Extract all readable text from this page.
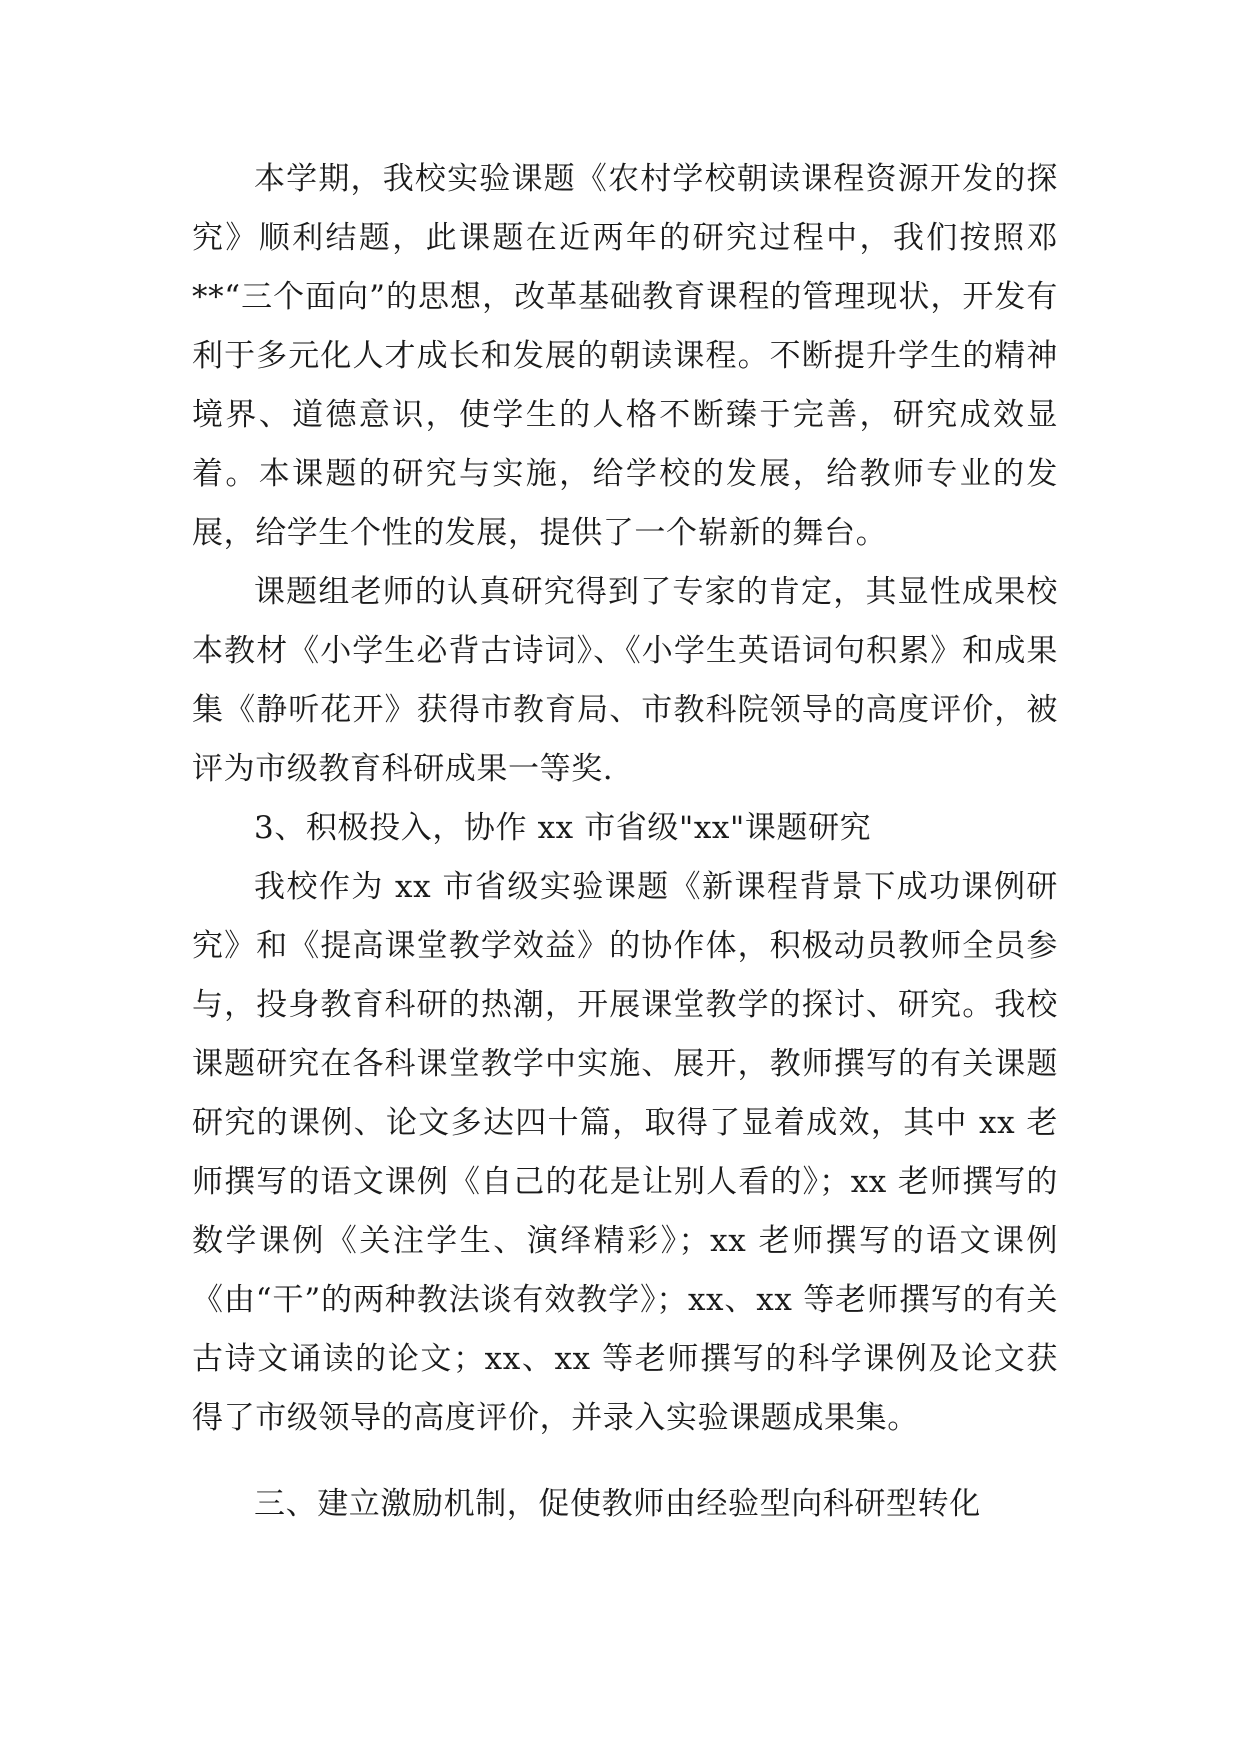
本学期，我校实验课题《农村学校朝读课程资源开发的探究》顺利结题，此课题在近两年的研究过程中，我们按照邓**“三个面向”的思想，改革基础教育课程的管理现状，开发有利于多元化人才成长和发展的朝读课程。不断提升学生的精神境界、道德意识，使学生的人格不断臻于完善，研究成效显着。本课题的研究与实施，给学校的发展，给教师专业的发展，给学生个性的发展，提供了一个崭新的舞台。

课题组老师的认真研究得到了专家的肯定，其显性成果校本教材《小学生必背古诗词》、《小学生英语词句积累》和成果集《静听花开》获得市教育局、市教科院领导的高度评价，被评为市级教育科研成果一等奖.

3、积极投入，协作 xx 市省级"xx"课题研究

我校作为 xx 市省级实验课题《新课程背景下成功课例研究》和《提高课堂教学效益》的协作体，积极动员教师全员参与，投身教育科研的热潮，开展课堂教学的探讨、研究。我校课题研究在各科课堂教学中实施、展开，教师撰写的有关课题研究的课例、论文多达四十篇，取得了显着成效，其中 xx 老师撰写的语文课例《自己的花是让别人看的》；xx 老师撰写的数学课例《关注学生、演绎精彩》；xx 老师撰写的语文课例《由“干”的两种教法谈有效教学》；xx、xx 等老师撰写的有关古诗文诵读的论文；xx、xx 等老师撰写的科学课例及论文获得了市级领导的高度评价，并录入实验课题成果集。

三、建立激励机制，促使教师由经验型向科研型转化
